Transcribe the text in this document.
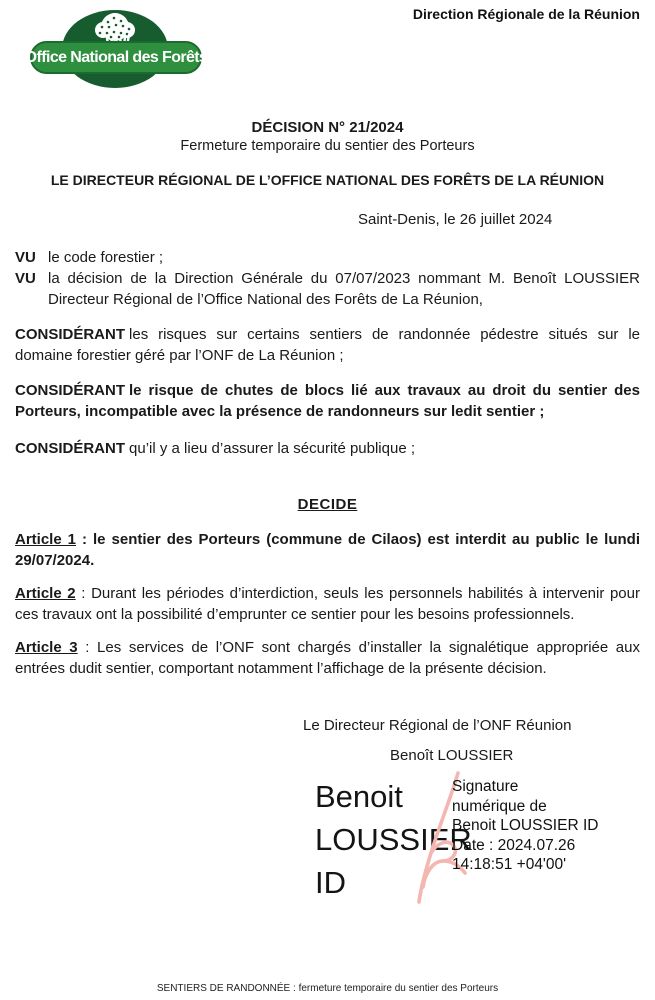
Direction Régionale de la Réunion
Office National des Forêts
DÉCISION N° 21/2024
Fermeture temporaire du sentier des Porteurs
LE DIRECTEUR RÉGIONAL DE L’OFFICE NATIONAL DES FORÊTS DE LA RÉUNION
Saint-Denis, le 26 juillet 2024
VU le code forestier ;
VU la décision de la Direction Générale du 07/07/2023 nommant M. Benoît LOUSSIER Directeur Régional de l’Office National des Forêts de La Réunion,
CONSIDÉRANT les risques sur certains sentiers de randonnée pédestre situés sur le domaine forestier géré par l’ONF de La Réunion ;
CONSIDÉRANT le risque de chutes de blocs lié aux travaux au droit du sentier des Porteurs, incompatible avec la présence de randonneurs sur ledit sentier ;
CONSIDÉRANT qu’il y a lieu d’assurer la sécurité publique ;
DECIDE
Article 1 : le sentier des Porteurs (commune de Cilaos) est interdit au public le lundi 29/07/2024.
Article 2 : Durant les périodes d’interdiction, seuls les personnels habilités à intervenir pour ces travaux ont la possibilité d’emprunter ce sentier pour les besoins professionnels.
Article 3 : Les services de l’ONF sont chargés d’installer la signalétique appropriée aux entrées dudit sentier, comportant notamment l’affichage de la présente décision.
Le Directeur Régional de l’ONF Réunion
Benoît LOUSSIER
Benoit
LOUSSIER
ID
Signature
numérique de
Benoit LOUSSIER ID
Date : 2024.07.26
14:18:51 +04'00'
SENTIERS DE RANDONNÉE : fermeture temporaire du sentier des Porteurs
